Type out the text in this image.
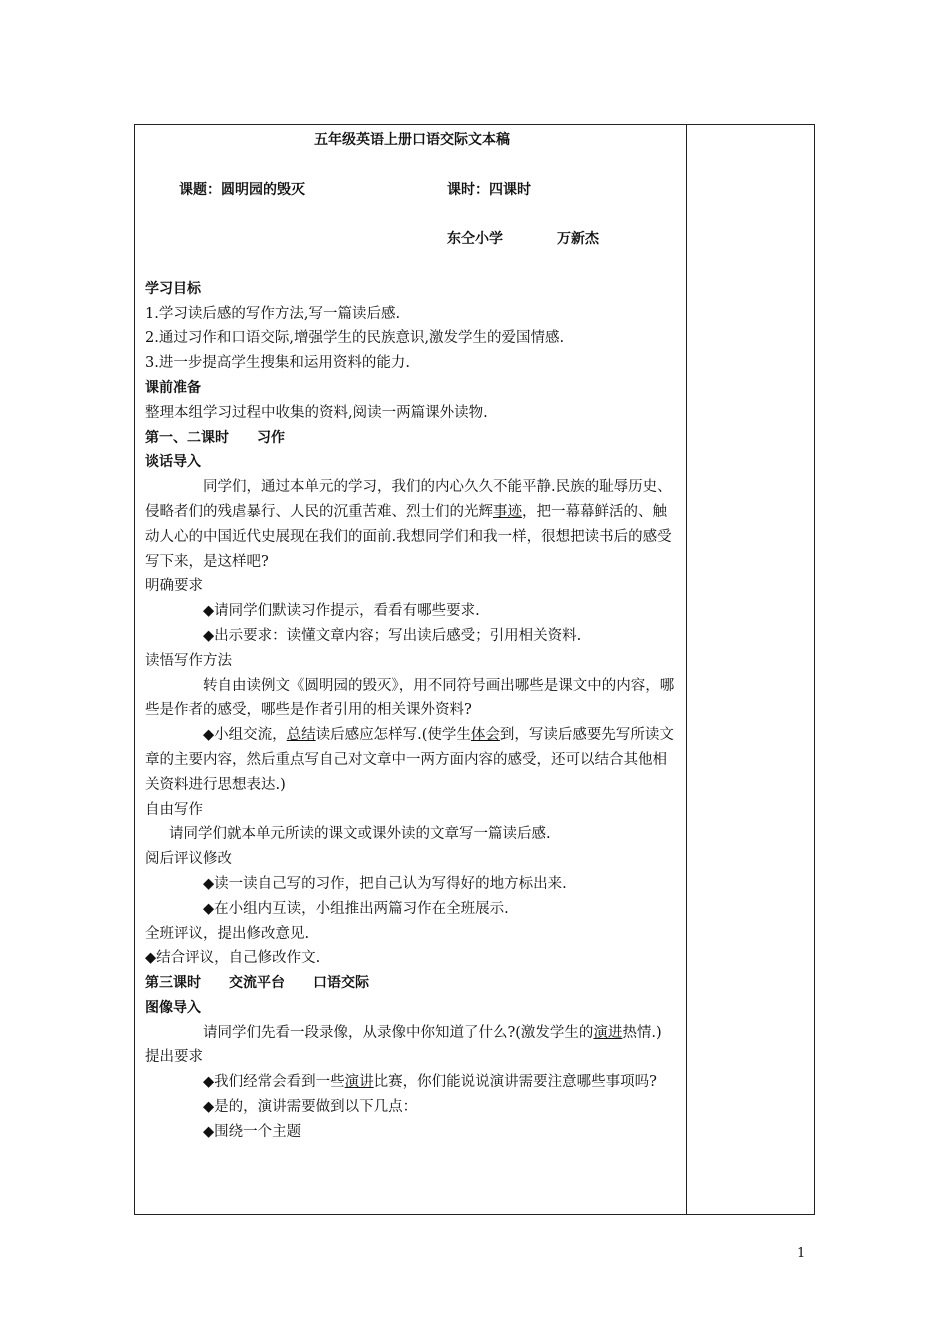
五年级英语上册口语交际文本稿

课题：圆明园的毁灭	课时：四课时
东仝小学	万新杰

学习目标

1.学习读后感的写作方法,写一篇读后感.

2.通过习作和口语交际,增强学生的民族意识,激发学生的爱国情感.

3.进一步提高学生搜集和运用资料的能力.

课前准备

整理本组学习过程中收集的资料,阅读一两篇课外读物.

第一、二课时　　习作

谈话导入

同学们，通过本单元的学习，我们的内心久久不能平静.民族的耻辱历史、侵略者们的残虐暴行、人民的沉重苦难、烈士们的光辉事迹，把一幕幕鲜活的、触动人心的中国近代史展现在我们的面前.我想同学们和我一样，很想把读书后的感受写下来，是这样吧?

明确要求

◆请同学们默读习作提示，看看有哪些要求.

◆出示要求：读懂文章内容；写出读后感受；引用相关资料.

读悟写作方法

转自由读例文《圆明园的毁灭》，用不同符号画出哪些是课文中的内容，哪些是作者的感受，哪些是作者引用的相关课外资料?

◆小组交流，总结读后感应怎样写.(使学生体会到，写读后感要先写所读文章的主要内容，然后重点写自己对文章中一两方面内容的感受，还可以结合其他相关资料进行思想表达.)

自由写作

请同学们就本单元所读的课文或课外读的文章写一篇读后感.

阅后评议修改

◆读一读自己写的习作，把自己认为写得好的地方标出来.

◆在小组内互读，小组推出两篇习作在全班展示.

全班评议，提出修改意见.

◆结合评议，自己修改作文.

第三课时　　交流平台　　口语交际

图像导入

请同学们先看一段录像，从录像中你知道了什么?(激发学生的演进热情.)

提出要求

◆我们经常会看到一些演讲比赛，你们能说说演讲需要注意哪些事项吗?

◆是的，演讲需要做到以下几点：

◆围绕一个主题

1
